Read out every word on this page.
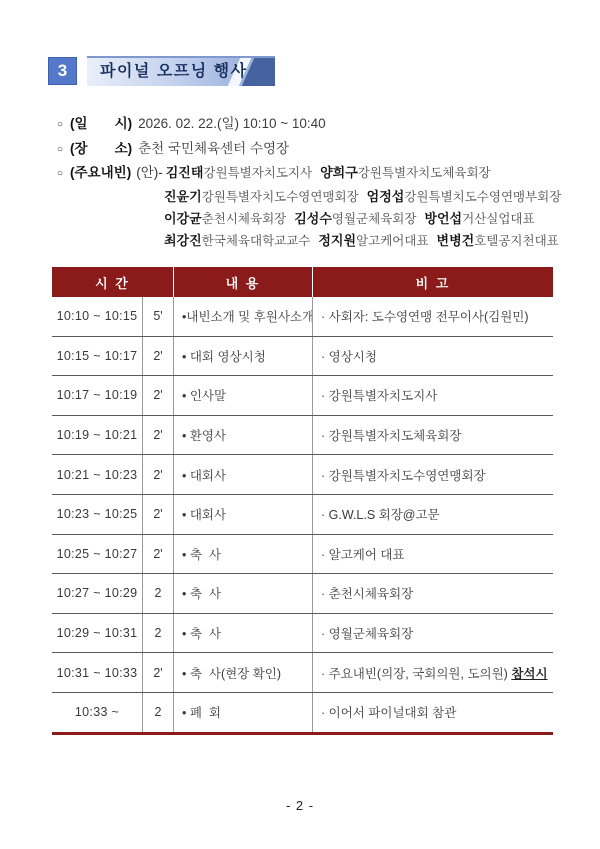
3	파이널 오프닝 행사
○ (일　　시) 2026. 02. 22.(일) 10:10 ~ 10:40
○ (장　　소) 춘천 국민체육센터 수영장
○ (주요내빈) (안)- 김진태강원특별자치도지사 양희구강원특별자치도체육회장
진윤기강원특별자치도수영연맹회장 엄정섭강원특별치도수영연맹부회장
이강균춘천시체육회장 김성수영월군체육회장 방언섭거산실업대표
최강진한국체육대학교교수 정지원알고케어대표 변병건호텔공지천대표
시 간	내 용	비 고
10:10 ~ 10:15	5'	•내빈소개 및 후원사소개 · 사회자: 도수영연맹 전무이사(김원민)
10:15 ~ 10:17	2'	• 대회 영상시청	· 영상시청
10:17 ~ 10:19	2'	• 인사말	· 강원특별자치도지사
10:19 ~ 10:21	2'	• 환영사	· 강원특별자치도체육회장
10:21 ~ 10:23	2'	• 대회사	· 강원특별자치도수영연맹회장
10:23 ~ 10:25	2'	• 대회사	· G.W.L.S 회장@고문
10:25 ~ 10:27	2'	• 축  사	· 알고케어 대표
10:27 ~ 10:29	2	• 축  사	· 춘천시체육회장
10:29 ~ 10:31	2	• 축  사	· 영월군체육회장
10:31 ~ 10:33	2'	• 축  사(현장 확인)	· 주요내빈(의장, 국회의원, 도의원) 참석시
10:33 ~	2	• 폐  회	· 이어서 파이널대회 참관
- 2 -
